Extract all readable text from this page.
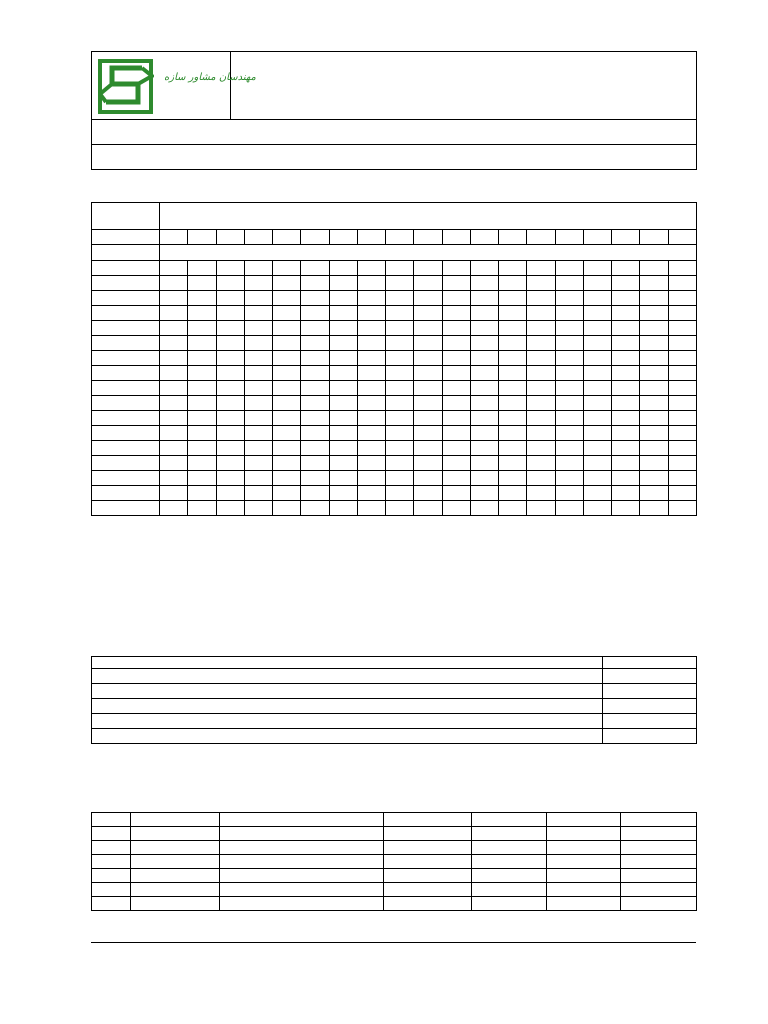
مهندسان مشاور سازه
